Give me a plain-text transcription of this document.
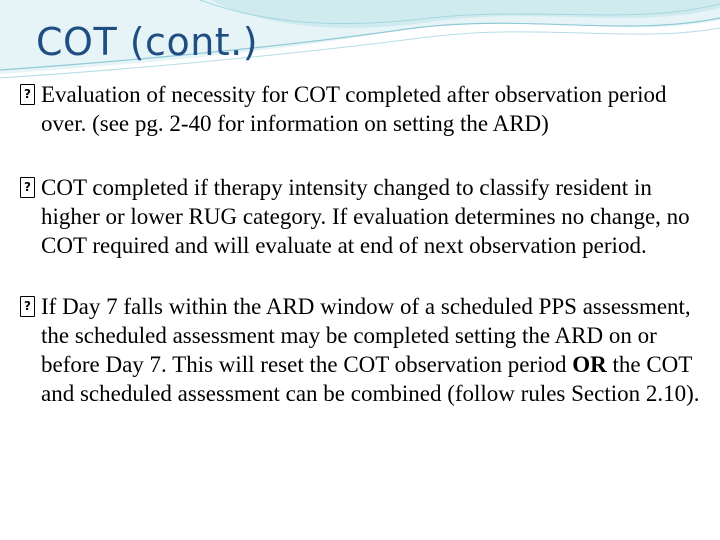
COT (cont.)
?
Evaluation of necessity for COT completed after observation period over. (see pg. 2-40 for information on setting the ARD)
?
COT completed if therapy intensity changed to classify resident in higher or lower RUG category. If evaluation determines no change, no COT required and will evaluate at end of next observation period.
?
If Day 7 falls within the ARD window of a scheduled PPS assessment, the scheduled assessment may be completed setting the ARD on or before Day 7. This will reset the COT observation period OR the COT and scheduled assessment can be combined (follow rules Section 2.10).
